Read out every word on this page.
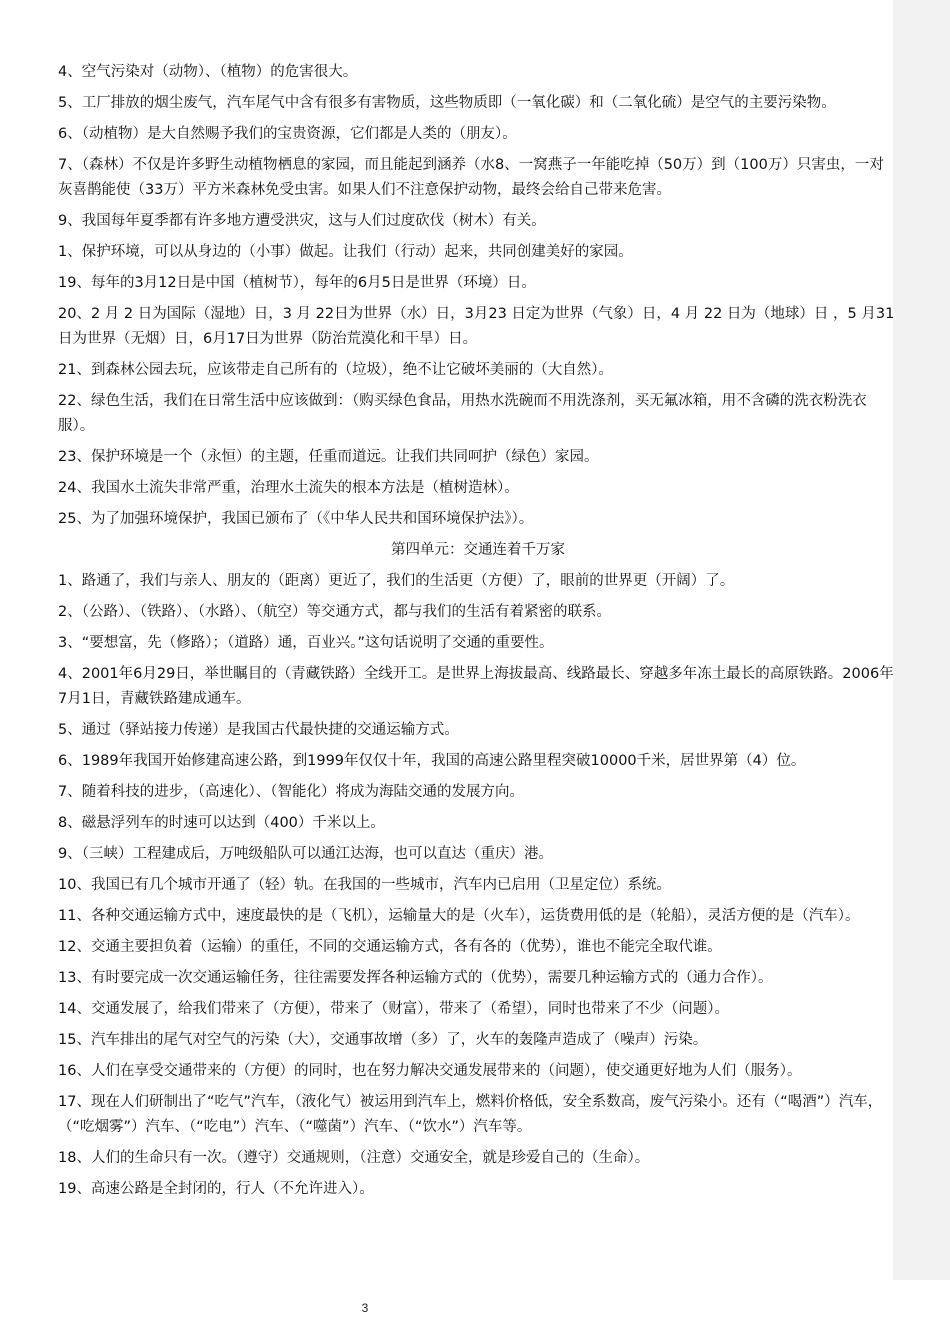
4、空气污染对（动物）、（植物）的危害很大。

5、工厂排放的烟尘废气，汽车尾气中含有很多有害物质，这些物质即（一氧化碳）和（二氧化硫）是空气的主要污染物。

6、（动植物）是大自然赐予我们的宝贵资源，它们都是人类的（朋友）。

7、（森林）不仅是许多野生动植物栖息的家园，而且能起到涵养（水8、一窝燕子一年能吃掉（50万）到（100万）只害虫，一对灰喜鹊能使（33万）平方米森林免受虫害。如果人们不注意保护动物，最终会给自己带来危害。

9、我国每年夏季都有许多地方遭受洪灾，这与人们过度砍伐（树木）有关。

1、保护环境，可以从身边的（小事）做起。让我们（行动）起来，共同创建美好的家园。

19、每年的3月12日是中国（植树节），每年的6月5日是世界（环境）日。

20、2 月 2 日为国际（湿地）日，3 月 22日为世界（水）日，3月23 日定为世界（气象）日，4 月 22 日为（地球）日 ，5 月31日为世界（无烟）日，6月17日为世界（防治荒漠化和干旱）日。

21、到森林公园去玩，应该带走自己所有的（垃圾），绝不让它破坏美丽的（大自然）。

22、绿色生活，我们在日常生活中应该做到：（购买绿色食品，用热水洗碗而不用洗涤剂，买无氟冰箱，用不含磷的洗衣粉洗衣服）。

23、保护环境是一个（永恒）的主题，任重而道远。让我们共同呵护（绿色）家园。

24、我国水土流失非常严重，治理水土流失的根本方法是（植树造林）。

25、为了加强环境保护，我国已颁布了（《中华人民共和国环境保护法》）。

第四单元：交通连着千万家

1、路通了，我们与亲人、朋友的（距离）更近了，我们的生活更（方便）了，眼前的世界更（开阔）了。

2、（公路）、（铁路）、（水路）、（航空）等交通方式，都与我们的生活有着紧密的联系。

3、“要想富，先（修路）；（道路）通，百业兴。”这句话说明了交通的重要性。

4、2001年6月29日，举世瞩目的（青藏铁路）全线开工。是世界上海拔最高、线路最长、穿越多年冻土最长的高原铁路。2006年7月1日，青藏铁路建成通车。

5、通过（驿站接力传递）是我国古代最快捷的交通运输方式。

6、1989年我国开始修建高速公路，到1999年仅仅十年，我国的高速公路里程突破10000千米，居世界第（4）位。

7、随着科技的进步，（高速化）、（智能化）将成为海陆交通的发展方向。

8、磁悬浮列车的时速可以达到（400）千米以上。

9、（三峡）工程建成后，万吨级船队可以通江达海，也可以直达（重庆）港。

10、我国已有几个城市开通了（轻）轨。在我国的一些城市，汽车内已启用（卫星定位）系统。

11、各种交通运输方式中，速度最快的是（飞机），运输量大的是（火车），运货费用低的是（轮船），灵活方便的是（汽车）。

12、交通主要担负着（运输）的重任，不同的交通运输方式，各有各的（优势），谁也不能完全取代谁。

13、有时要完成一次交通运输任务，往往需要发挥各种运输方式的（优势），需要几种运输方式的（通力合作）。

14、交通发展了，给我们带来了（方便），带来了（财富），带来了（希望），同时也带来了不少（问题）。

15、汽车排出的尾气对空气的污染（大），交通事故增（多）了，火车的轰隆声造成了（噪声）污染。

16、人们在享受交通带来的（方便）的同时，也在努力解决交通发展带来的（问题），使交通更好地为人们（服务）。

17、现在人们研制出了“吃气”汽车，（液化气）被运用到汽车上，燃料价格低，安全系数高，废气污染小。还有（“喝酒”）汽车，（“吃烟雾”）汽车、（“吃电”）汽车、（“噬菌”）汽车、（“饮水”）汽车等。

18、人们的生命只有一次。（遵守）交通规则，（注意）交通安全，就是珍爱自己的（生命）。

19、高速公路是全封闭的，行人（不允许进入）。

3
